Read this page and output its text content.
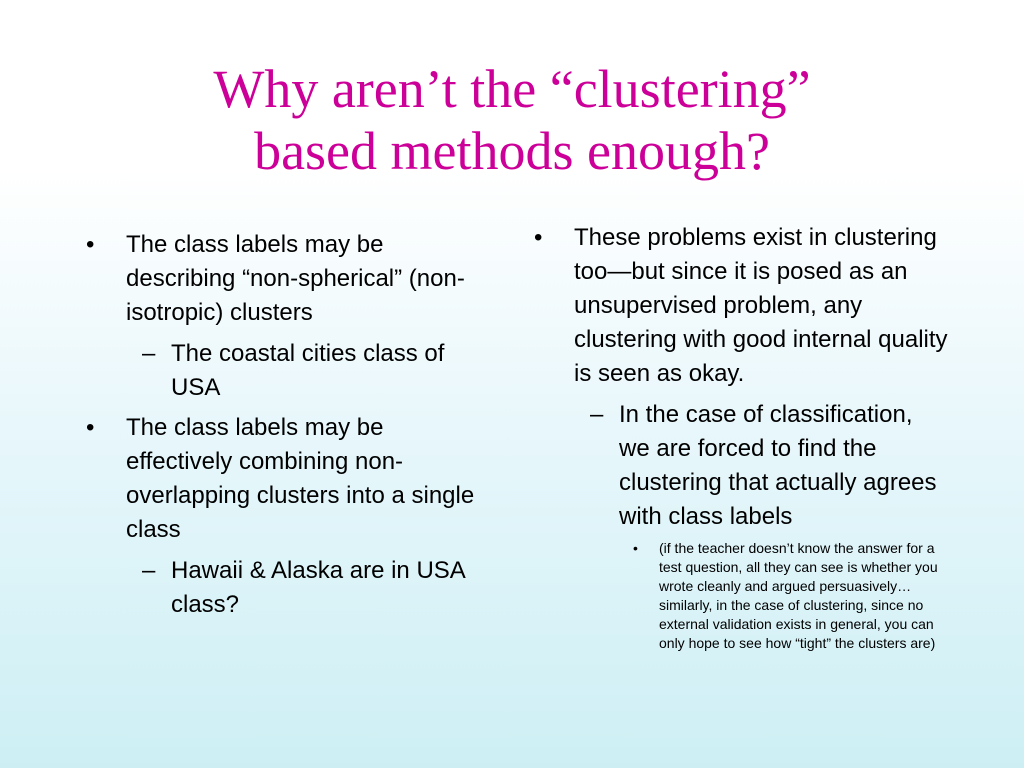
Why aren’t the “clustering”
based methods enough?
• The class labels may be describing “non-spherical” (non-isotropic) clusters
– The coastal cities class of USA
• The class labels may be effectively combining non-overlapping clusters into a single class
– Hawaii & Alaska are in USA class?
• These problems exist in clustering too—but since it is posed as an unsupervised problem, any clustering with good internal quality is seen as okay.
– In the case of classification, we are forced to find the clustering that actually agrees with class labels
• (if the teacher doesn’t know the answer for a test question, all they can see is whether you wrote cleanly and argued persuasively… similarly, in the case of clustering, since no external validation exists in general, you can only hope to see how “tight” the clusters are)
